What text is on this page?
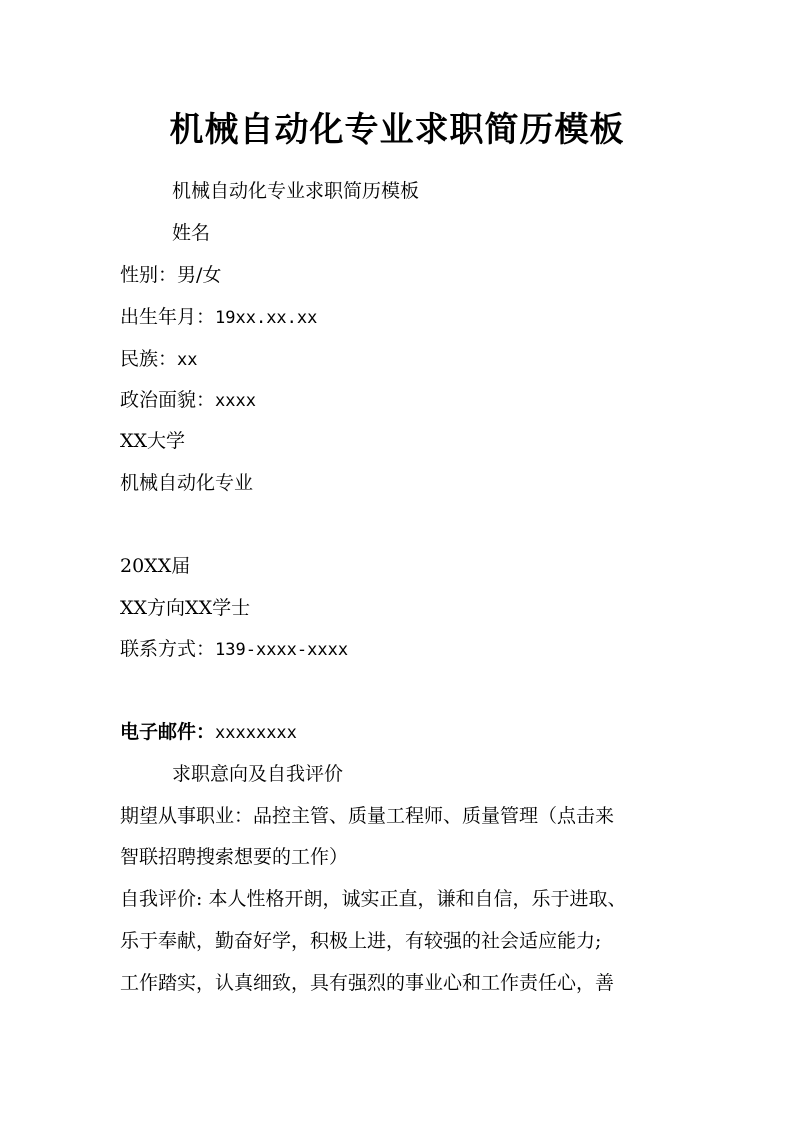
机械自动化专业求职简历模板
机械自动化专业求职简历模板
姓名
性别：男/女
出生年月：19xx.xx.xx
民族：xx
政治面貌：xxxx
XX大学
机械自动化专业
20XX届
XX方向XX学士
联系方式：139-xxxx-xxxx
电子邮件：xxxxxxxx
求职意向及自我评价
期望从事职业：品控主管、质量工程师、质量管理（点击来
智联招聘搜索想要的工作）
自我评价: 本人性格开朗，诚实正直，谦和自信，乐于进取、
乐于奉献，勤奋好学，积极上进，有较强的社会适应能力;
工作踏实，认真细致，具有强烈的事业心和工作责任心，善
